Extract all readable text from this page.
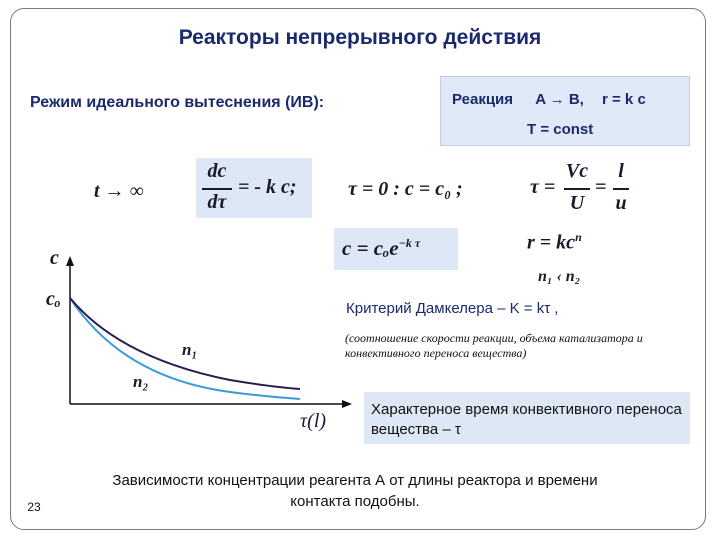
Реакторы непрерывного действия
Режим идеального вытеснения (ИВ):	Реакция A → B, r = k c
T = const
t → ∞
dc
dτ
= - k c;	τ = 0 : c = c₀ ;	τ =
Vc
U
=
l
u
c = cₒe$^{-k \tau}$	$r = kc^n$
n₁ ‹ n₂
c
cₒ
τ(l)
n₁
n₂
Критерий Дамкелера – K = kτ ,
(соотношение скорости реакции, объема катализатора и конвективного переноса вещества)
Характерное время конвективного переноса вещества – τ
Зависимости концентрации реагента А от длины реактора и времени контакта подобны.
23
